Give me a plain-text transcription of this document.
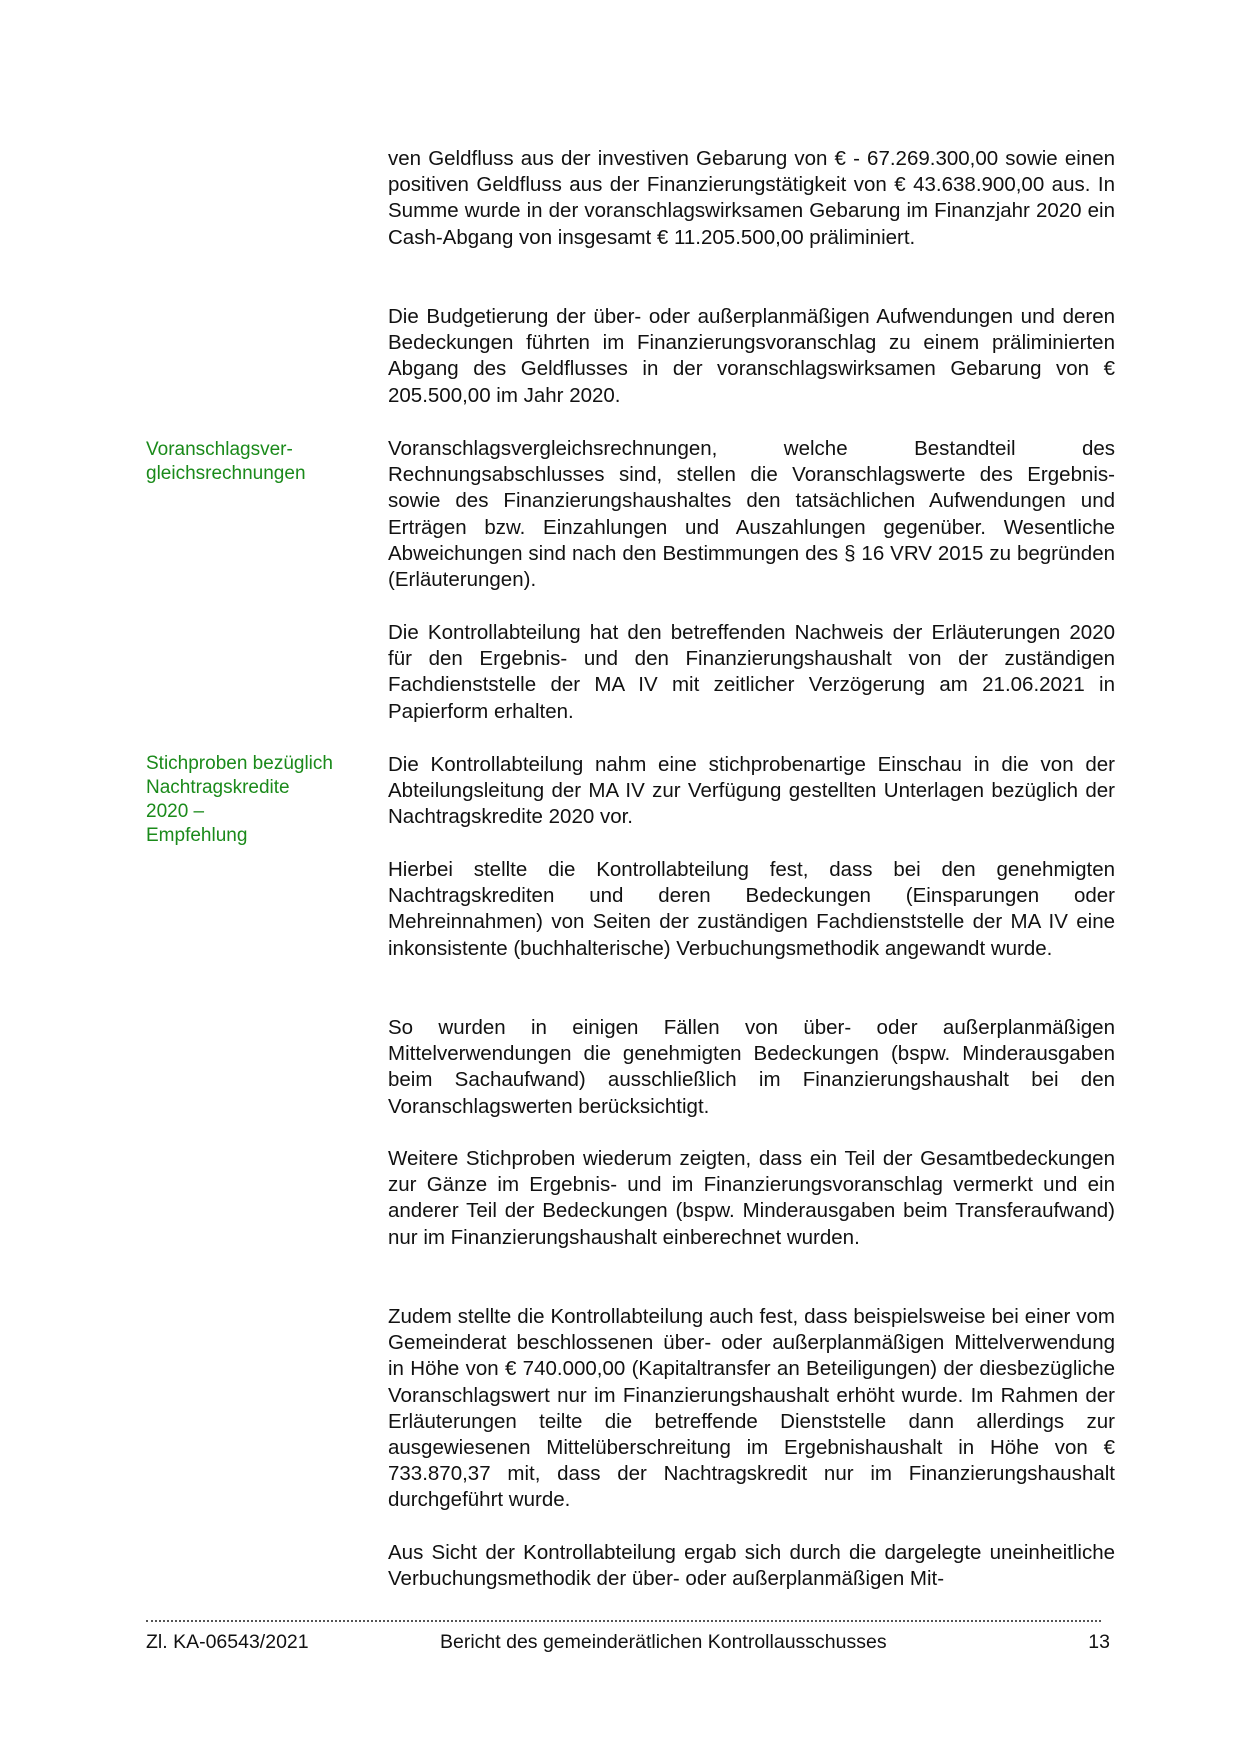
ven Geldfluss aus der investiven Gebarung von € - 67.269.300,00 sowie einen positiven Geldfluss aus der Finanzierungstätigkeit von € 43.638.900,00 aus. In Summe wurde in der voranschlagswirksamen Gebarung im Finanzjahr 2020 ein Cash-Abgang von insgesamt € 11.205.500,00 präliminiert.

Die Budgetierung der über- oder außerplanmäßigen Aufwendungen und deren Bedeckungen führten im Finanzierungsvoranschlag zu einem präliminierten Abgang des Geldflusses in der voranschlagswirksamen Gebarung von € 205.500,00 im Jahr 2020.

Voranschlagsver- gleichsrechnungen

Voranschlagsvergleichsrechnungen, welche Bestandteil des Rechnungsabschlusses sind, stellen die Voranschlagswerte des Ergebnis- sowie des Finanzierungshaushaltes den tatsächlichen Aufwendungen und Erträgen bzw. Einzahlungen und Auszahlungen gegenüber. Wesentliche Abweichungen sind nach den Bestimmungen des § 16 VRV 2015 zu begründen (Erläuterungen).

Die Kontrollabteilung hat den betreffenden Nachweis der Erläuterungen 2020 für den Ergebnis- und den Finanzierungshaushalt von der zuständigen Fachdienststelle der MA IV mit zeitlicher Verzögerung am 21.06.2021 in Papierform erhalten.

Stichproben bezüglich
Nachtragskredite
2020 –
Empfehlung

Die Kontrollabteilung nahm eine stichprobenartige Einschau in die von der Abteilungsleitung der MA IV zur Verfügung gestellten Unterlagen bezüglich der Nachtragskredite 2020 vor.

Hierbei stellte die Kontrollabteilung fest, dass bei den genehmigten Nachtragskrediten und deren Bedeckungen (Einsparungen oder Mehreinnahmen) von Seiten der zuständigen Fachdienststelle der MA IV eine inkonsistente (buchhalterische) Verbuchungsmethodik angewandt wurde.

So wurden in einigen Fällen von über- oder außerplanmäßigen Mittelverwendungen die genehmigten Bedeckungen (bspw. Minderausgaben beim Sachaufwand) ausschließlich im Finanzierungshaushalt bei den Voranschlagswerten berücksichtigt.

Weitere Stichproben wiederum zeigten, dass ein Teil der Gesamtbedeckungen zur Gänze im Ergebnis- und im Finanzierungsvoranschlag vermerkt und ein anderer Teil der Bedeckungen (bspw. Minderausgaben beim Transferaufwand) nur im Finanzierungshaushalt einberechnet wurden.

Zudem stellte die Kontrollabteilung auch fest, dass beispielsweise bei einer vom Gemeinderat beschlossenen über- oder außerplanmäßigen Mittelverwendung in Höhe von € 740.000,00 (Kapitaltransfer an Beteiligungen) der diesbezügliche Voranschlagswert nur im Finanzierungshaushalt erhöht wurde. Im Rahmen der Erläuterungen teilte die betreffende Dienststelle dann allerdings zur ausgewiesenen Mittelüberschreitung im Ergebnishaushalt in Höhe von € 733.870,37 mit, dass der Nachtragskredit nur im Finanzierungshaushalt durchgeführt wurde.

Aus Sicht der Kontrollabteilung ergab sich durch die dargelegte uneinheitliche Verbuchungsmethodik der über- oder außerplanmäßigen Mit-

Zl. KA-06543/2021	Bericht des gemeinderätlichen Kontrollausschusses	13
